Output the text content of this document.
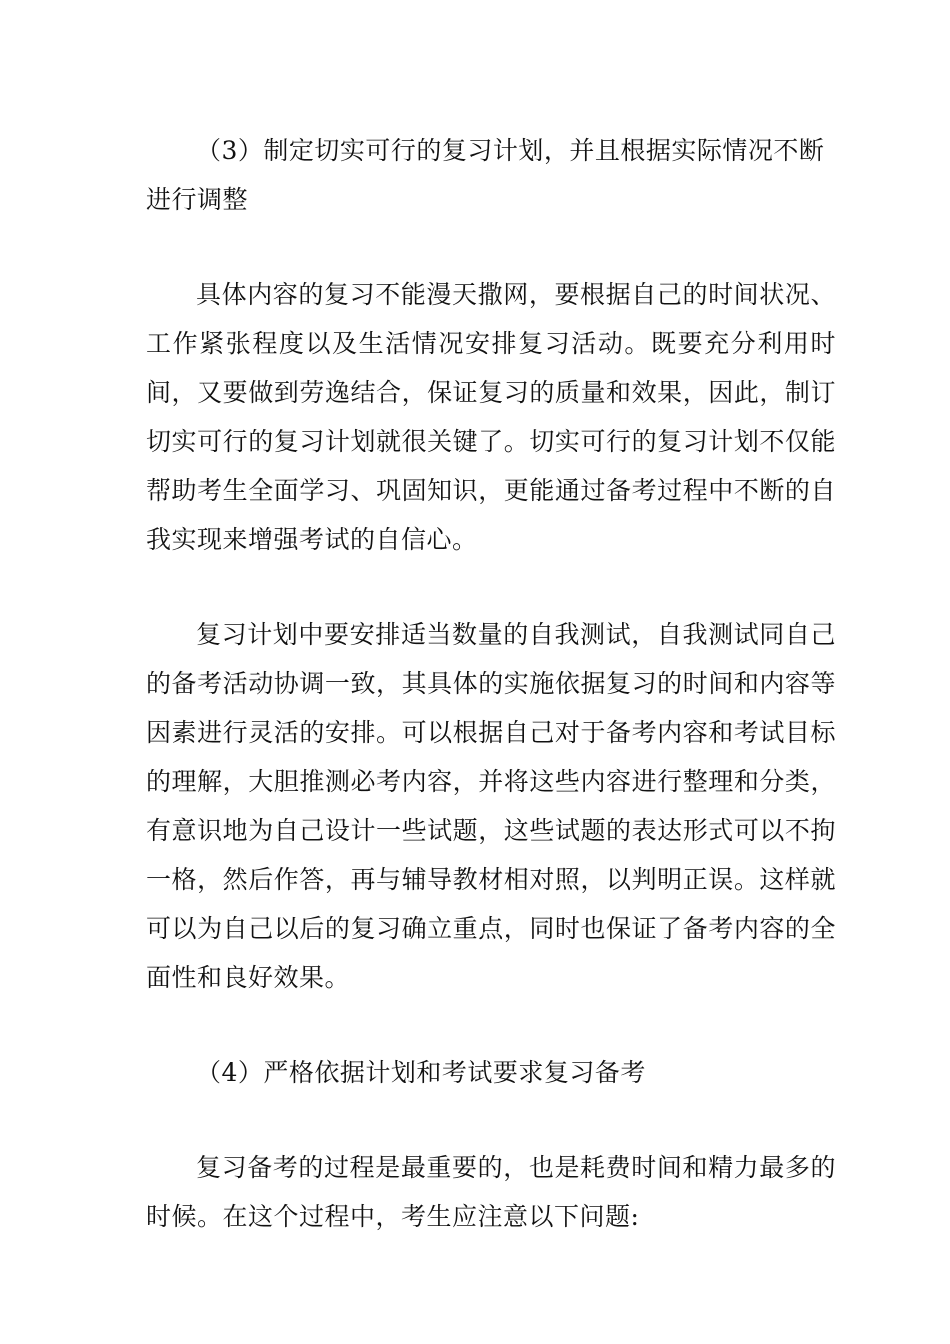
（3）制定切实可行的复习计划，并且根据实际情况不断进行调整

具体内容的复习不能漫天撒网，要根据自己的时间状况、工作紧张程度以及生活情况安排复习活动。既要充分利用时间，又要做到劳逸结合，保证复习的质量和效果，因此，制订切实可行的复习计划就很关键了。切实可行的复习计划不仅能帮助考生全面学习、巩固知识，更能通过备考过程中不断的自我实现来增强考试的自信心。

复习计划中要安排适当数量的自我测试，自我测试同自己的备考活动协调一致，其具体的实施依据复习的时间和内容等因素进行灵活的安排。可以根据自己对于备考内容和考试目标的理解，大胆推测必考内容，并将这些内容进行整理和分类，有意识地为自己设计一些试题，这些试题的表达形式可以不拘一格，然后作答，再与辅导教材相对照，以判明正误。这样就可以为自己以后的复习确立重点，同时也保证了备考内容的全面性和良好效果。

（4）严格依据计划和考试要求复习备考

复习备考的过程是最重要的，也是耗费时间和精力最多的时候。在这个过程中，考生应注意以下问题:
